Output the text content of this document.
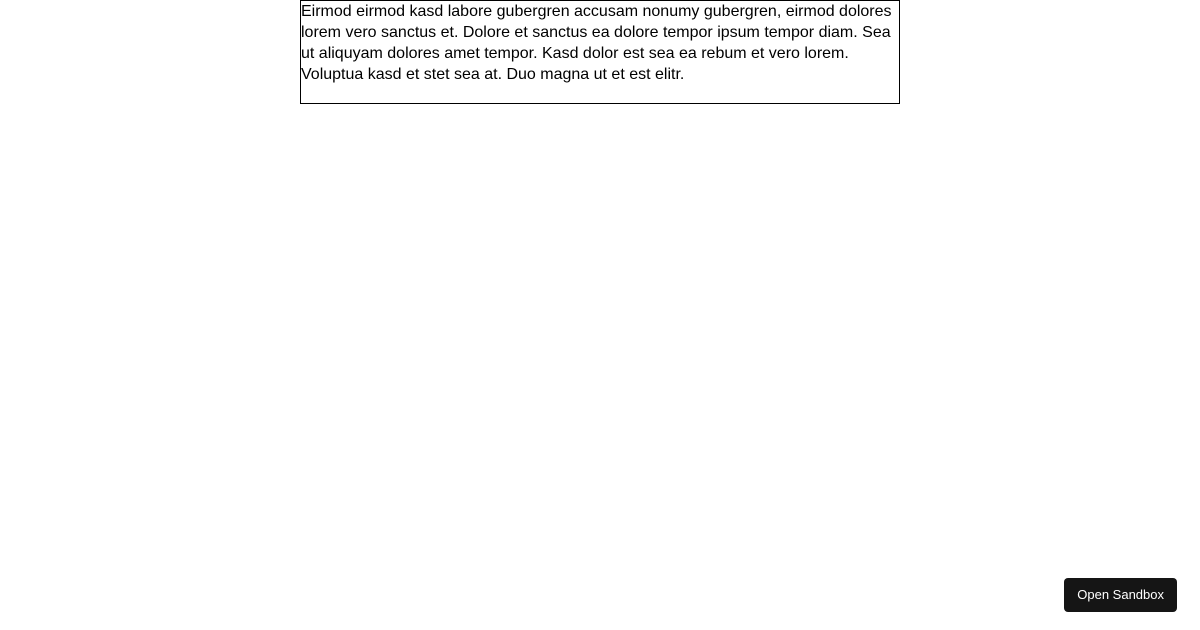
Eirmod eirmod kasd labore gubergren accusam nonumy gubergren, eirmod dolores lorem vero sanctus et. Dolore et sanctus ea dolore tempor ipsum tempor diam. Sea ut aliquyam dolores amet tempor. Kasd dolor est sea ea rebum et vero lorem. Voluptua kasd et stet sea at. Duo magna ut et est elitr.

Open Sandbox
